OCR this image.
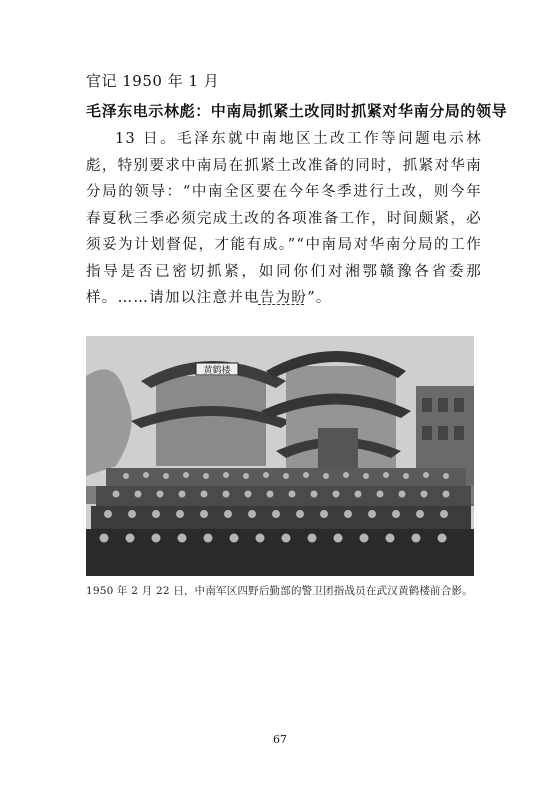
官记 1950 年 1 月
毛泽东电示林彪：中南局抓紧土改同时抓紧对华南分局的领导
13 日。毛泽东就中南地区土改工作等问题电示林彪，特别要求中南局在抓紧土改准备的同时，抓紧对华南分局的领导：“中南全区要在今年冬季进行土改，则今年春夏秋三季必须完成土改的各项准备工作，时间颇紧，必须妥为计划督促，才能有成。”“中南局对华南分局的工作指导是否已密切抓紧，如同你们对湘鄂赣豫各省委那样。……请加以注意并电告为盼”。
黄鹤楼
1950 年 2 月 22 日，中南军区四野后勤部的警卫团指战员在武汉黄鹤楼前合影。
67
